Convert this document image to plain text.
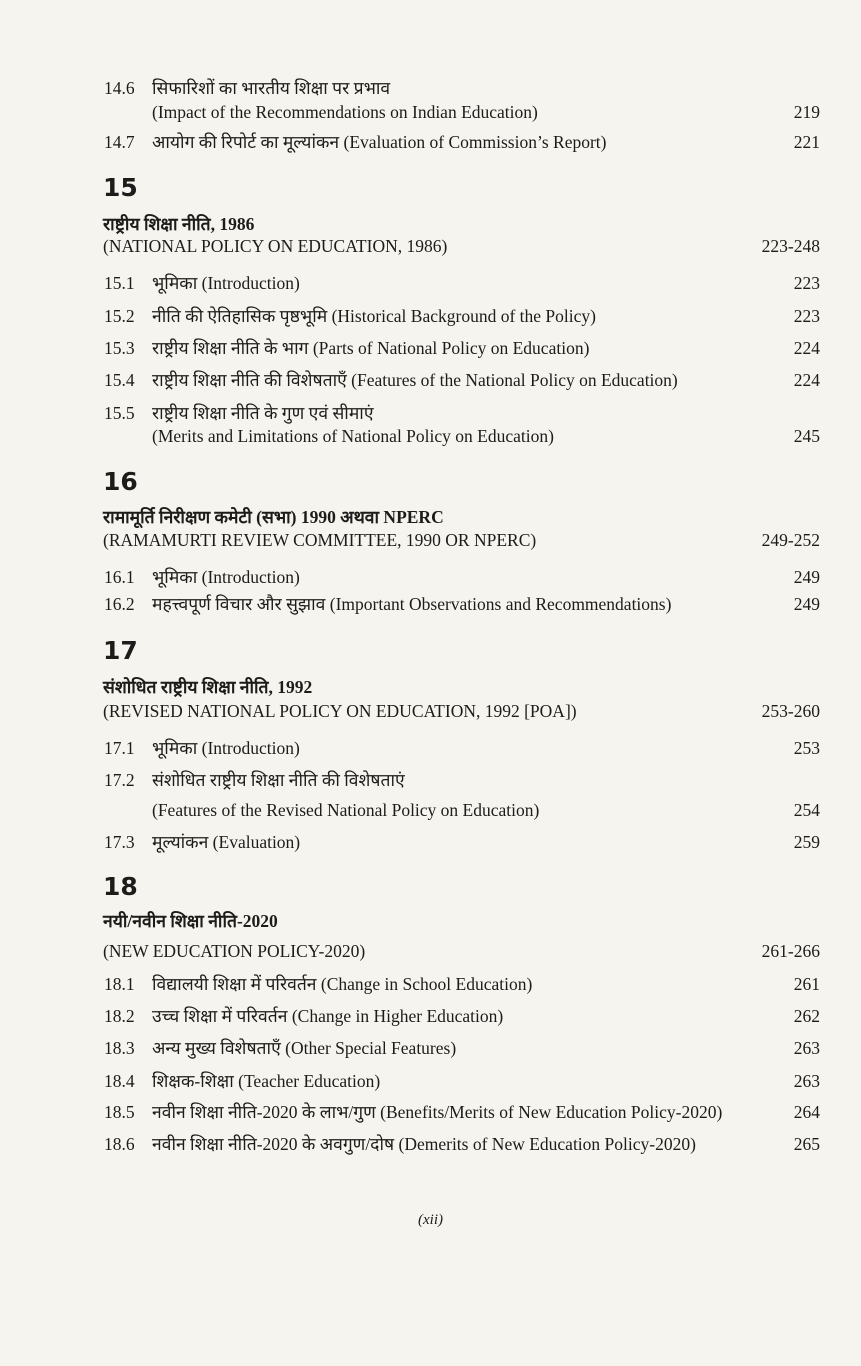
14.6 सिफारिशों का भारतीय शिक्षा पर प्रभाव
(Impact of the Recommendations on Indian Education)	219
14.7 आयोग की रिपोर्ट का मूल्यांकन (Evaluation of Commission’s Report)	221
15
राष्ट्रीय शिक्षा नीति, 1986
(NATIONAL POLICY ON EDUCATION, 1986)	223-248
15.1 भूमिका (Introduction)	223
15.2 नीति की ऐतिहासिक पृष्ठभूमि (Historical Background of the Policy)	223
15.3 राष्ट्रीय शिक्षा नीति के भाग (Parts of National Policy on Education)	224
15.4 राष्ट्रीय शिक्षा नीति की विशेषताएँ (Features of the National Policy on Education)	224
15.5 राष्ट्रीय शिक्षा नीति के गुण एवं सीमाएं
(Merits and Limitations of National Policy on Education)	245
16
रामामूर्ति निरीक्षण कमेटी (सभा) 1990 अथवा NPERC
(RAMAMURTI REVIEW COMMITTEE, 1990 OR NPERC)	249-252
16.1 भूमिका (Introduction)	249
16.2 महत्त्वपूर्ण विचार और सुझाव (Important Observations and Recommendations)	249
17
संशोधित राष्ट्रीय शिक्षा नीति, 1992
(REVISED NATIONAL POLICY ON EDUCATION, 1992 [POA])	253-260
17.1 भूमिका (Introduction)	253
17.2 संशोधित राष्ट्रीय शिक्षा नीति की विशेषताएं
(Features of the Revised National Policy on Education)	254
17.3 मूल्यांकन (Evaluation)	259
18
नयी/नवीन शिक्षा नीति-2020
(NEW EDUCATION POLICY-2020)	261-266
18.1 विद्यालयी शिक्षा में परिवर्तन (Change in School Education)	261
18.2 उच्च शिक्षा में परिवर्तन (Change in Higher Education)	262
18.3 अन्य मुख्य विशेषताएँ (Other Special Features)	263
18.4 शिक्षक-शिक्षा (Teacher Education)	263
18.5 नवीन शिक्षा नीति-2020 के लाभ/गुण (Benefits/Merits of New Education Policy-2020)	264
18.6 नवीन शिक्षा नीति-2020 के अवगुण/दोष (Demerits of New Education Policy-2020)	265
(xii)
